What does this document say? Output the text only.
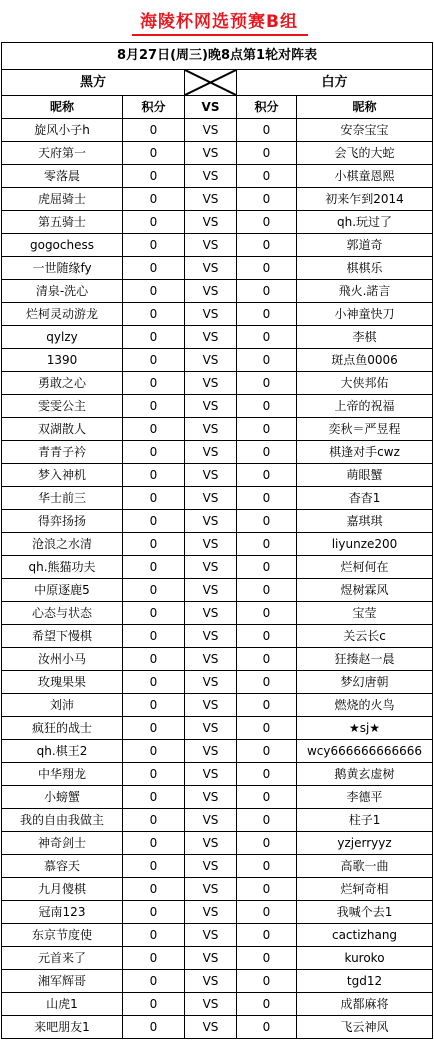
海陵杯网选预赛B组
8月27日(周三)晚8点第1轮对阵表				
黑方			白方	
昵称	积分	VS	积分	昵称
旋风小子h	0	VS	0	安奈宝宝
天府第一	0	VS	0	会飞的大蛇
零落晨	0	VS	0	小棋童恩熙
虎屈骑士	0	VS	0	初来乍到2014
第五骑士	0	VS	0	qh.玩过了
gogochess	0	VS	0	郭道奇
一世随缘fy	0	VS	0	棋棋乐
清泉-洗心	0	VS	0	飛火.諾言
烂柯灵动游龙	0	VS	0	小神童快刀
qylzy	0	VS	0	李棋
1390	0	VS	0	斑点鱼0006
勇敢之心	0	VS	0	大侠邦佑
雯雯公主	0	VS	0	上帝的祝福
双湖散人	0	VS	0	奕秋＝严昱程
青青子衿	0	VS	0	棋逢对手cwz
梦入神机	0	VS	0	萌眼蟹
华士前三	0	VS	0	杳杳1
得弈扬扬	0	VS	0	嘉琪琪
沧浪之水清	0	VS	0	liyunze200
qh.熊猫功夫	0	VS	0	烂柯何在
中原逐鹿5	0	VS	0	煜树霖风
心态与状态	0	VS	0	宝莹
希望下慢棋	0	VS	0	关云长c
汝州小马	0	VS	0	狂揍赵一晨
玫瑰果果	0	VS	0	梦幻唐朝
刘沛	0	VS	0	燃烧的火鸟
疯狂的战士	0	VS	0	★sj★
qh.棋王2	0	VS	0	wcy666666666666
中华翔龙	0	VS	0	鹅黄玄虚树
小螃蟹	0	VS	0	李德平
我的自由我做主	0	VS	0	柱子1
神奇剑士	0	VS	0	yzjerryyz
慕容天	0	VS	0	高歌一曲
九月傻棋	0	VS	0	烂轲奇相
冠南123	0	VS	0	我喊个去1
东京节度使	0	VS	0	cactizhang
元首来了	0	VS	0	kuroko
湘军辉哥	0	VS	0	tgd12
山虎1	0	VS	0	成都麻将
来吧朋友1	0	VS	0	飞云神风
